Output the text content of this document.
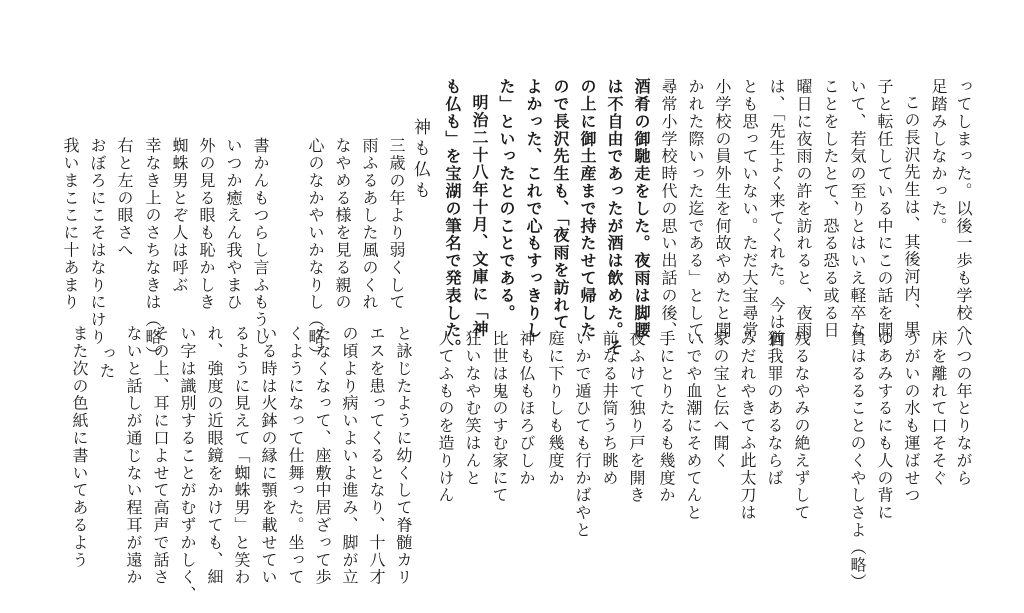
ってしまった。以後一歩も学校へ
足踏みしなかった。
この長沢先生は、其後河内、黒
子と転任している中にこの話を聞
いて、若気の至りとはいえ軽卒な
ことをしたとて、恐る恐る或る日
曜日に夜雨の許を訪れると、夜雨
は、「先生よく来てくれた。今は何
とも思っていない。ただ大宝尋常
小学校の員外生を何故やめたと聞
かれた際いった迄である」として、
尋常小学校時代の思い出話の後、
酒肴の御馳走をした。夜雨は脚腰
は不自由であったが酒は飲めた。そ
の上に御土産まで持たせて帰した
ので長沢先生も、「夜雨を訪れて
よかった、これで心もすっきりし
た」といったとのことである。
明治二十八年十月、文庫に「神
も仏も」を宝湖の筆名で発表した。
神も仏も
三歳の年より弱くして
雨ふるあした風のくれ
なやめる様を見る親の
心のなかやいかなりし（略）
書かんもつらし言ふもうし
いつか癒えん我やまひ
外の見る眼も恥かしき
蜘蛛男とぞ人は呼ぶ
幸なき上のさちなきは（略）
右と左の眼さへ
おぼろにこそはなりにけり
我いまここに十あまり
八つの年とりながら
床を離れて口そそぐ
うがいの水も運ばせつ
ゆあみするにも人の背に
負はるることのくやしさよ（略）
残るなやみの絶えずして
猶我罪のあるならば
みだれやきてふ此太刀は
家の宝と伝へ聞く
いでや血潮にそめてんと
手にとりたるも幾度か
夜ふけて独り戸を開き
前なる井筒うち眺め
いかで遁ひても行かばやと
庭に下りしも幾度か
神も仏もほろびしか
比世は鬼のすむ家にて
狂いなやむ笑はんと
人てふものを造りけん
と詠じたように幼くして脊髄カリ
エスを患ってくるとなり、十八才
の頃より病いよいよ進み、脚が立
たなくなって、座敷中居ざって歩
くようになって仕舞った。坐って
いる時は火鉢の縁に顎を載せてい
るように見えて「蜘蛛男」と笑わ
れ、強度の近眼鏡をかけても、細
い字は識別することがむずかしく、
その上、耳に口よせて高声で話さ
ないと話しが通じない程耳が遠か
った
また次の色紙に書いてあるよう
